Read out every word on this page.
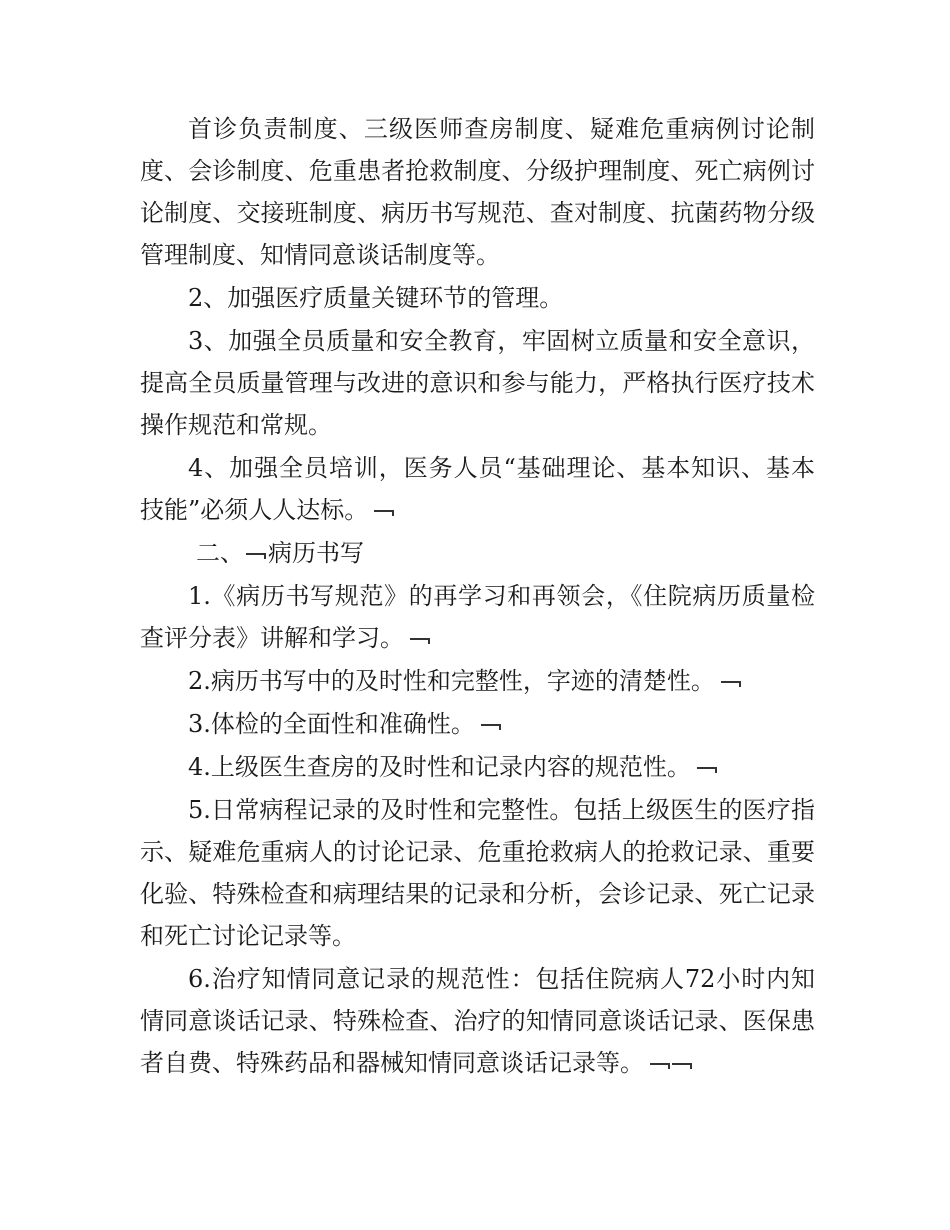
首诊负责制度、三级医师查房制度、疑难危重病例讨论制度、会诊制度、危重患者抢救制度、分级护理制度、死亡病例讨论制度、交接班制度、病历书写规范、查对制度、抗菌药物分级管理制度、知情同意谈话制度等。

2、加强医疗质量关键环节的管理。

3、加强全员质量和安全教育，牢固树立质量和安全意识，提高全员质量管理与改进的意识和参与能力，严格执行医疗技术操作规范和常规。

4、加强全员培训，医务人员“基础理论、基本知识、基本技能”必须人人达标。

二、 病历书写

1.《病历书写规范》的再学习和再领会，《住院病历质量检查评分表》讲解和学习。

2.病历书写中的及时性和完整性，字迹的清楚性。

3.体检的全面性和准确性。

4.上级医生查房的及时性和记录内容的规范性。

5.日常病程记录的及时性和完整性。包括上级医生的医疗指示、疑难危重病人的讨论记录、危重抢救病人的抢救记录、重要化验、特殊检查和病理结果的记录和分析，会诊记录、死亡记录和死亡讨论记录等。

6.治疗知情同意记录的规范性：包括住院病人72小时内知情同意谈话记录、特殊检查、治疗的知情同意谈话记录、医保患者自费、特殊药品和器械知情同意谈话记录等。
